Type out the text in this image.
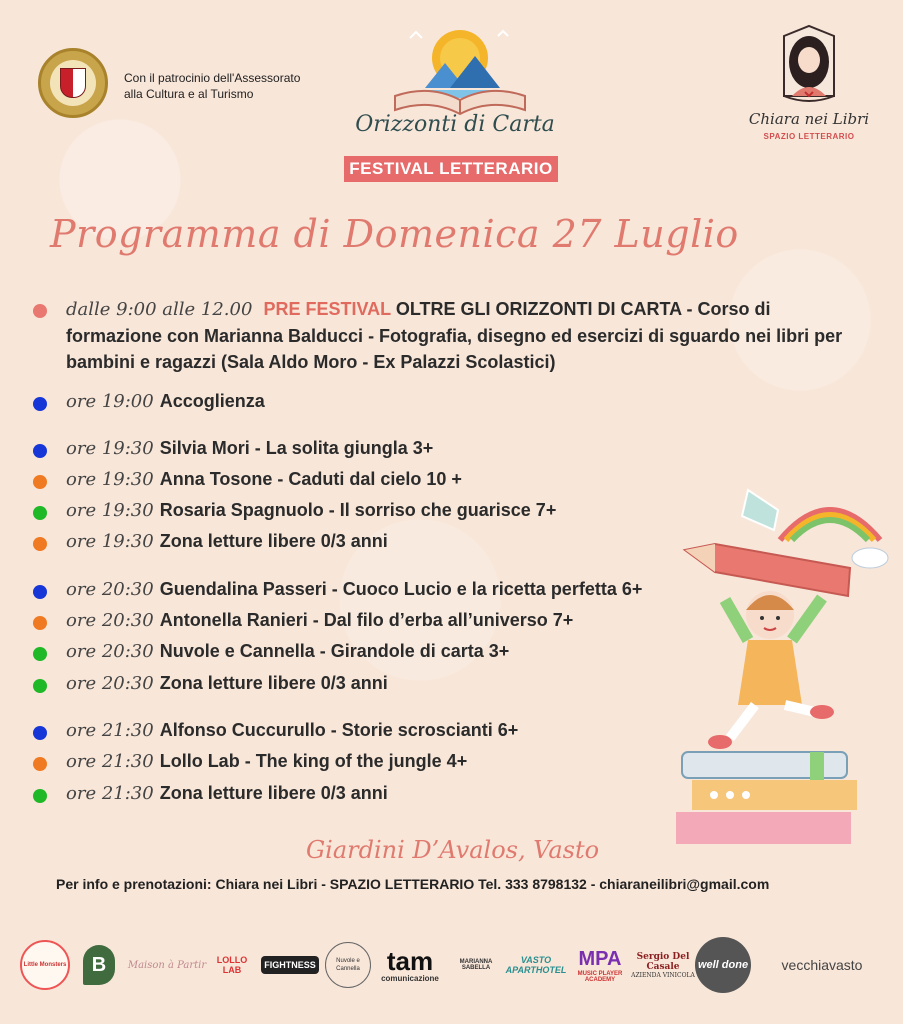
Con il patrocinio dell'Assessorato
alla Cultura e al Turismo
Orizzonti di Carta
FESTIVAL LETTERARIO
Chiara nei Libri
SPAZIO LETTERARIO
Programma di Domenica 27 Luglio
dalle 9:00 alle 12.00 PRE FESTIVAL OLTRE GLI ORIZZONTI DI CARTA - Corso di formazione con Marianna Balducci - Fotografia, disegno ed esercizi di sguardo nei libri per bambini e ragazzi (Sala Aldo Moro - Ex Palazzi Scolastici)
ore 19:00 Accoglienza
ore 19:30 Silvia Mori - La solita giungla 3+
ore 19:30 Anna Tosone - Caduti dal cielo 10 +
ore 19:30 Rosaria Spagnuolo - Il sorriso che guarisce 7+
ore 19:30 Zona letture libere 0/3 anni
ore 20:30 Guendalina Passeri - Cuoco Lucio e la ricetta perfetta 6+
ore 20:30 Antonella Ranieri - Dal filo d’erba all’universo 7+
ore 20:30 Nuvole e Cannella - Girandole di carta 3+
ore 20:30 Zona letture libere 0/3 anni
ore 21:30 Alfonso Cuccurullo - Storie scroscianti 6+
ore 21:30 Lollo Lab - The king of the jungle 4+
ore 21:30 Zona letture libere 0/3 anni
Giardini D’Avalos, Vasto
Per info e prenotazioni: Chiara nei Libri - SPAZIO LETTERARIO Tel. 333 8798132 - chiaraneilibri@gmail.com
Little Monsters	B	Maison à Partir	LOLLO LAB	FIGHTNESS	Nuvole e Cannella	tam
comunicazione
MARIANNA SABELLA
VASTO APARTHOTEL
MPA
MUSIC PLAYER ACADEMY
Sergio Del Casale
AZIENDA VINICOLA
well done vecchiavasto
